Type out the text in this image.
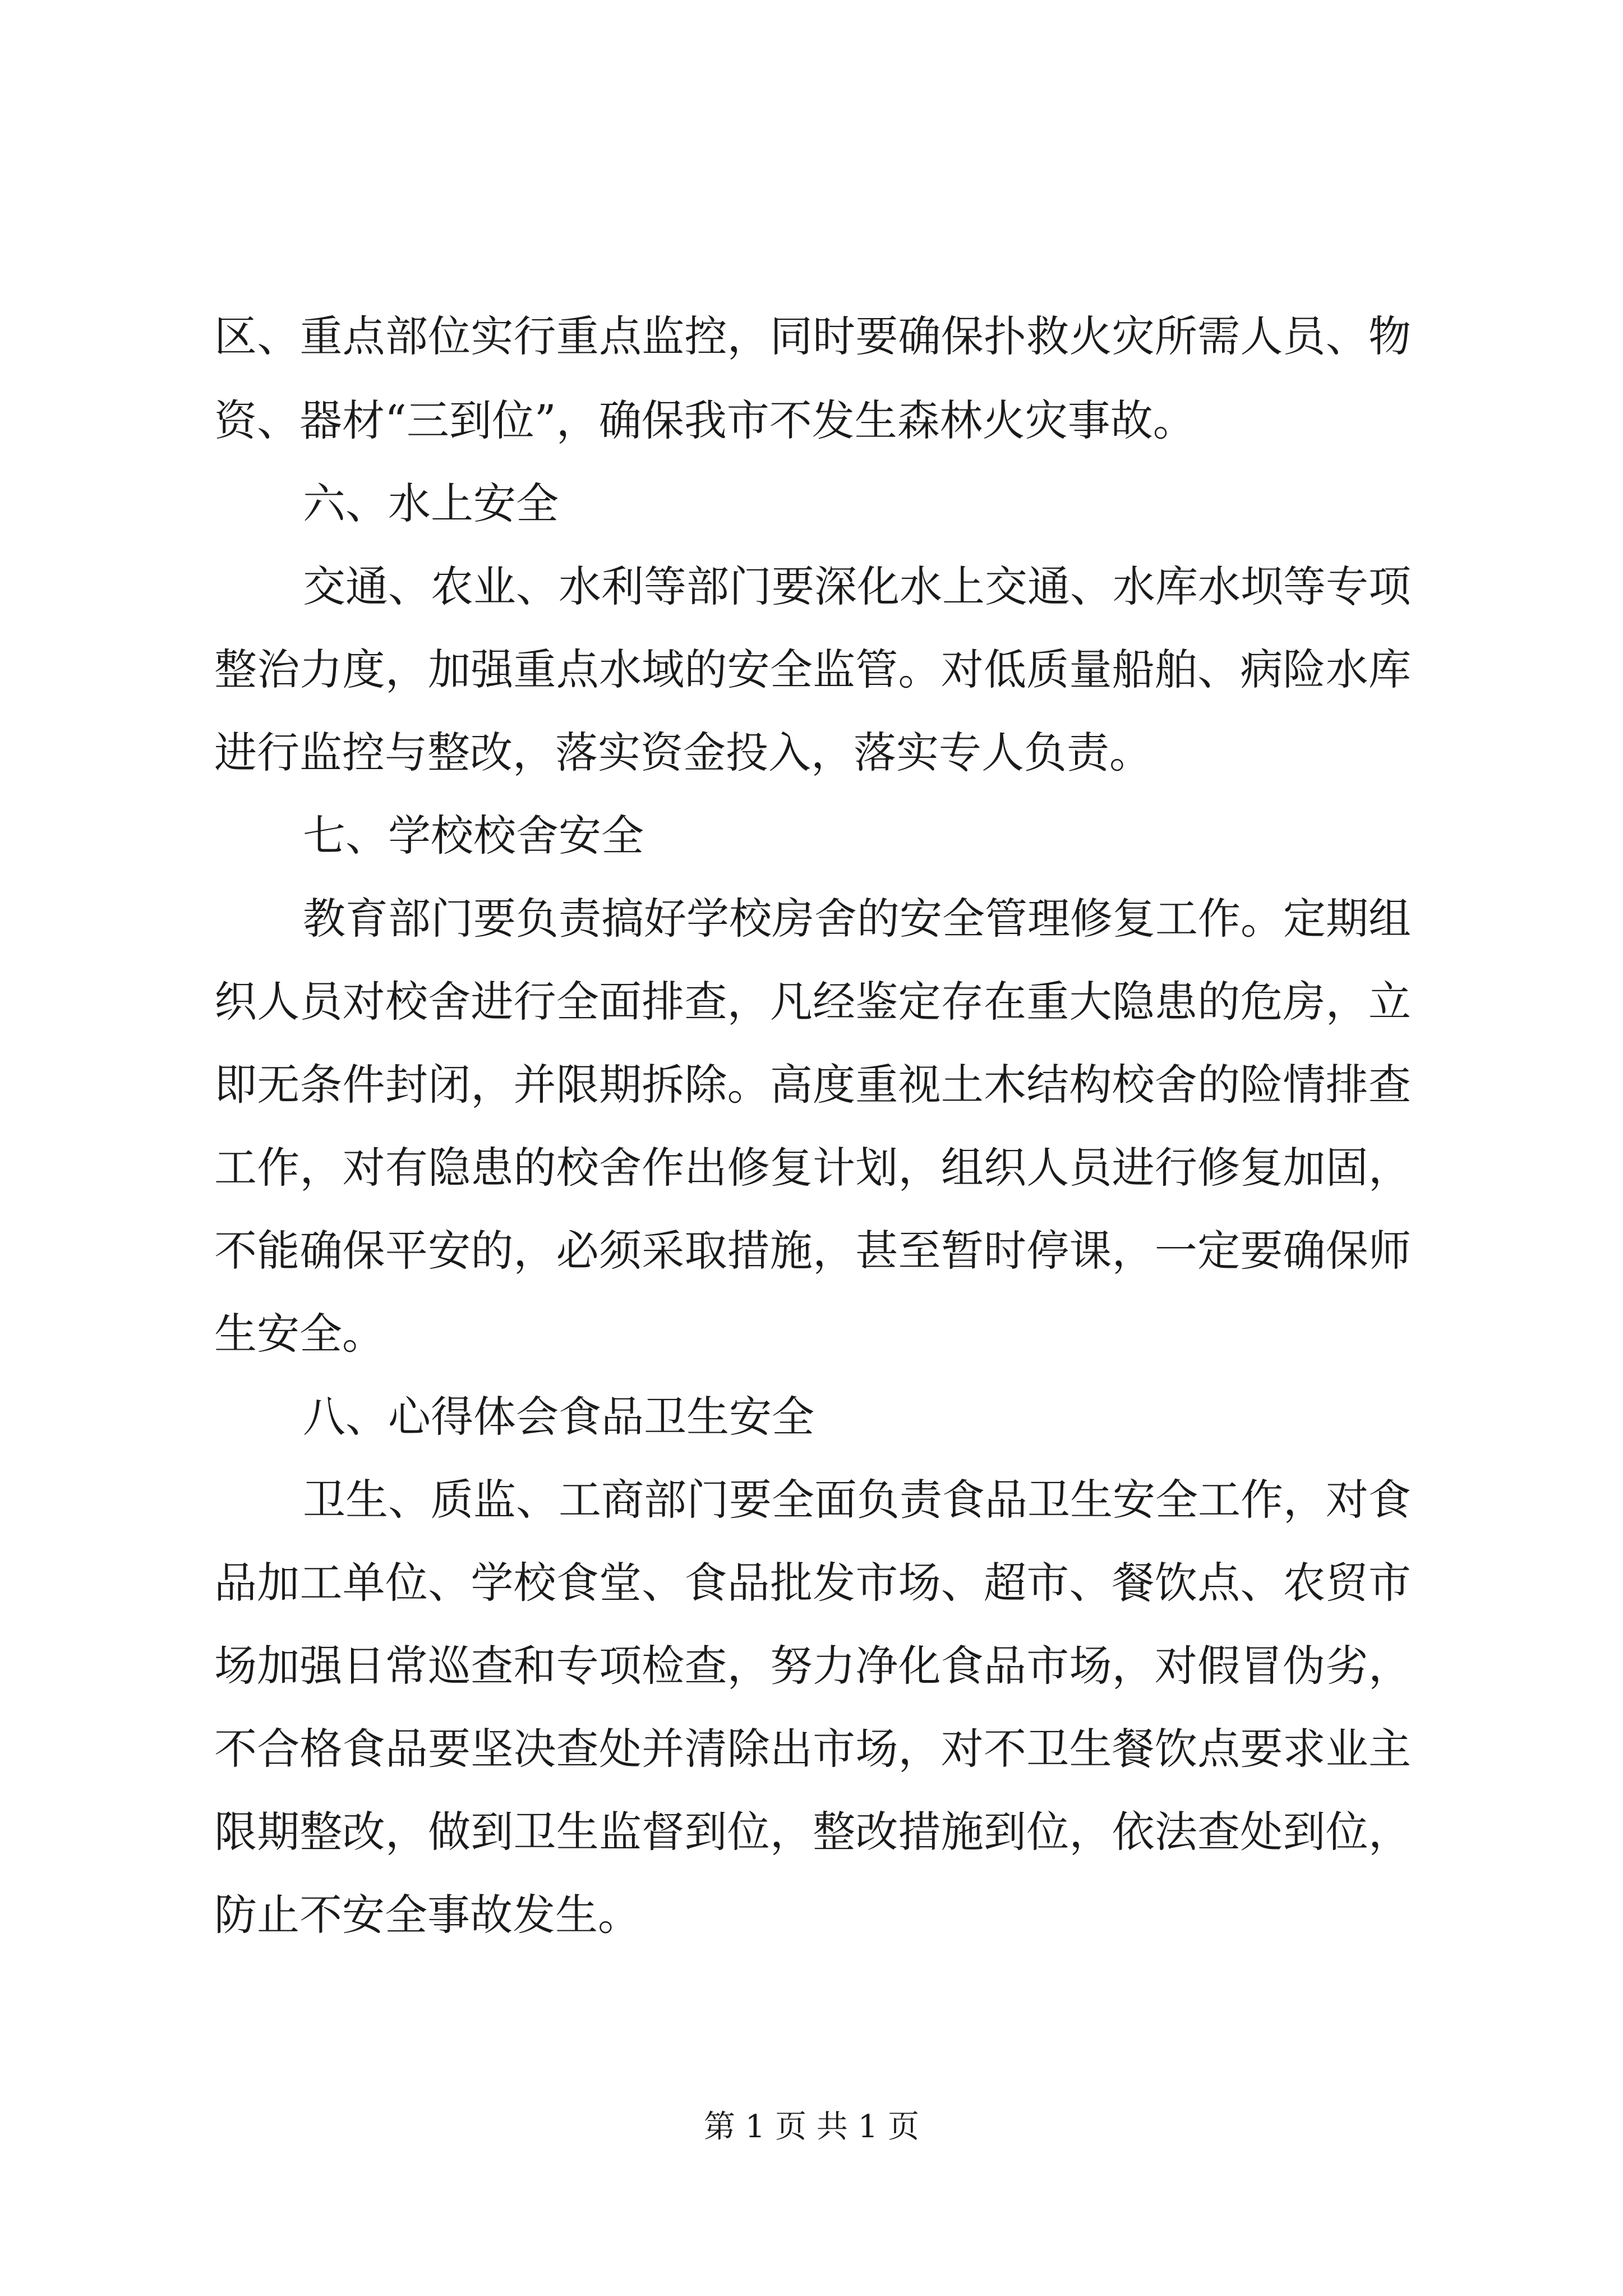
区、重点部位实行重点监控，同时要确保扑救火灾所需人员、物
资、器材“三到位”，确保我市不发生森林火灾事故。
六、水上安全
交通、农业、水利等部门要深化水上交通、水库水坝等专项
整治力度，加强重点水域的安全监管。对低质量船舶、病险水库
进行监控与整改，落实资金投入，落实专人负责。
七、学校校舍安全
教育部门要负责搞好学校房舍的安全管理修复工作。定期组
织人员对校舍进行全面排查，凡经鉴定存在重大隐患的危房，立
即无条件封闭，并限期拆除。高度重视土木结构校舍的险情排查
工作，对有隐患的校舍作出修复计划，组织人员进行修复加固，
不能确保平安的，必须采取措施，甚至暂时停课，一定要确保师
生安全。
八、心得体会食品卫生安全
卫生、质监、工商部门要全面负责食品卫生安全工作，对食
品加工单位、学校食堂、食品批发市场、超市、餐饮点、农贸市
场加强日常巡查和专项检查，努力净化食品市场，对假冒伪劣，
不合格食品要坚决查处并清除出市场，对不卫生餐饮点要求业主
限期整改，做到卫生监督到位，整改措施到位，依法查处到位，
防止不安全事故发生。
第 1 页 共 1 页
